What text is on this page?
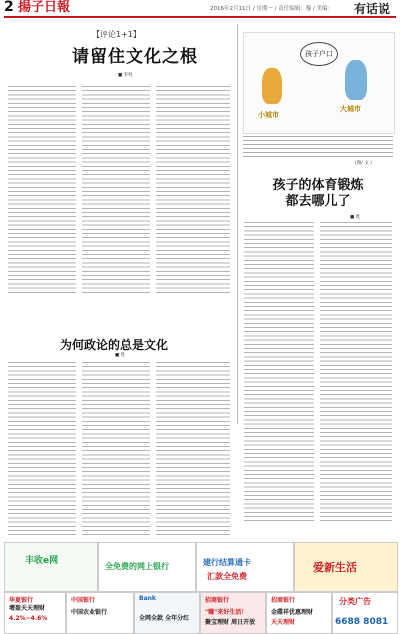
2 揚子日報	2016年2月11日 / 星期一 / 责任编辑：穆 / 美编： 有话说
【评论1+1】
请留住文化之根
■ 李姓
为何政论的总是文化
■ 姓
孩子户口
小城市
大城市
(图/ 文 )
孩子的体育锻炼
都去哪儿了
■ 姓
丰收e网
全免费的网上银行	建行结算通卡
汇款全免费
爱新生活
华夏银行
增盈天天理财
4.2%~4.6%
中国银行
中国农业银行
Bank
全网全款 全年分红
招商银行
"赚"来好生活！
聚宝理财 周日开放
招商银行
金碟祥优惠理财
天天理财
分类广告
6688 8081
